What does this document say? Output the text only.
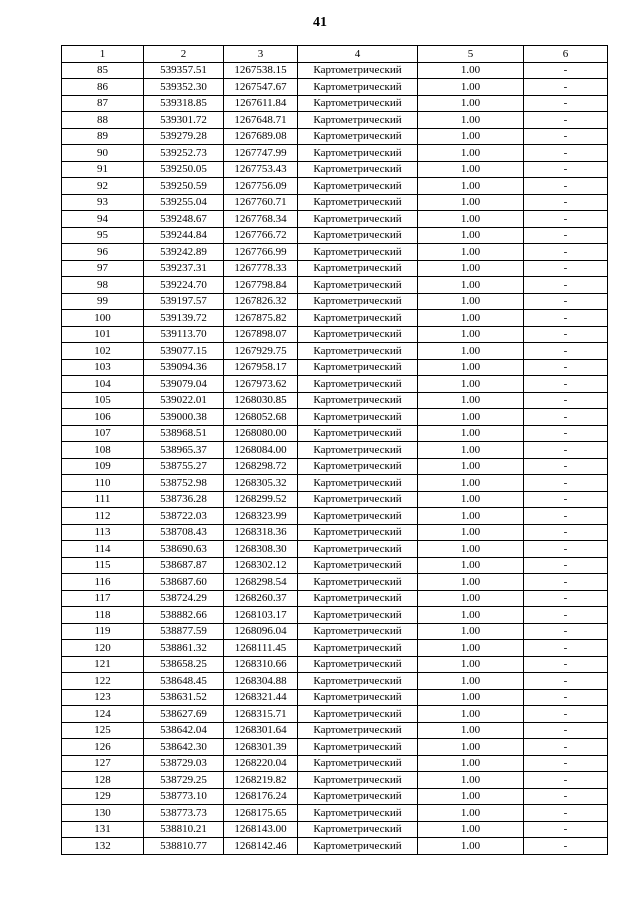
41
1	2	3	4	5	6
85	539357.51	1267538.15	Картометрический	1.00	-
86	539352.30	1267547.67	Картометрический	1.00	-
87	539318.85	1267611.84	Картометрический	1.00	-
88	539301.72	1267648.71	Картометрический	1.00	-
89	539279.28	1267689.08	Картометрический	1.00	-
90	539252.73	1267747.99	Картометрический	1.00	-
91	539250.05	1267753.43	Картометрический	1.00	-
92	539250.59	1267756.09	Картометрический	1.00	-
93	539255.04	1267760.71	Картометрический	1.00	-
94	539248.67	1267768.34	Картометрический	1.00	-
95	539244.84	1267766.72	Картометрический	1.00	-
96	539242.89	1267766.99	Картометрический	1.00	-
97	539237.31	1267778.33	Картометрический	1.00	-
98	539224.70	1267798.84	Картометрический	1.00	-
99	539197.57	1267826.32	Картометрический	1.00	-
100	539139.72	1267875.82	Картометрический	1.00	-
101	539113.70	1267898.07	Картометрический	1.00	-
102	539077.15	1267929.75	Картометрический	1.00	-
103	539094.36	1267958.17	Картометрический	1.00	-
104	539079.04	1267973.62	Картометрический	1.00	-
105	539022.01	1268030.85	Картометрический	1.00	-
106	539000.38	1268052.68	Картометрический	1.00	-
107	538968.51	1268080.00	Картометрический	1.00	-
108	538965.37	1268084.00	Картометрический	1.00	-
109	538755.27	1268298.72	Картометрический	1.00	-
110	538752.98	1268305.32	Картометрический	1.00	-
111	538736.28	1268299.52	Картометрический	1.00	-
112	538722.03	1268323.99	Картометрический	1.00	-
113	538708.43	1268318.36	Картометрический	1.00	-
114	538690.63	1268308.30	Картометрический	1.00	-
115	538687.87	1268302.12	Картометрический	1.00	-
116	538687.60	1268298.54	Картометрический	1.00	-
117	538724.29	1268260.37	Картометрический	1.00	-
118	538882.66	1268103.17	Картометрический	1.00	-
119	538877.59	1268096.04	Картометрический	1.00	-
120	538861.32	1268111.45	Картометрический	1.00	-
121	538658.25	1268310.66	Картометрический	1.00	-
122	538648.45	1268304.88	Картометрический	1.00	-
123	538631.52	1268321.44	Картометрический	1.00	-
124	538627.69	1268315.71	Картометрический	1.00	-
125	538642.04	1268301.64	Картометрический	1.00	-
126	538642.30	1268301.39	Картометрический	1.00	-
127	538729.03	1268220.04	Картометрический	1.00	-
128	538729.25	1268219.82	Картометрический	1.00	-
129	538773.10	1268176.24	Картометрический	1.00	-
130	538773.73	1268175.65	Картометрический	1.00	-
131	538810.21	1268143.00	Картометрический	1.00	-
132	538810.77	1268142.46	Картометрический	1.00	-
